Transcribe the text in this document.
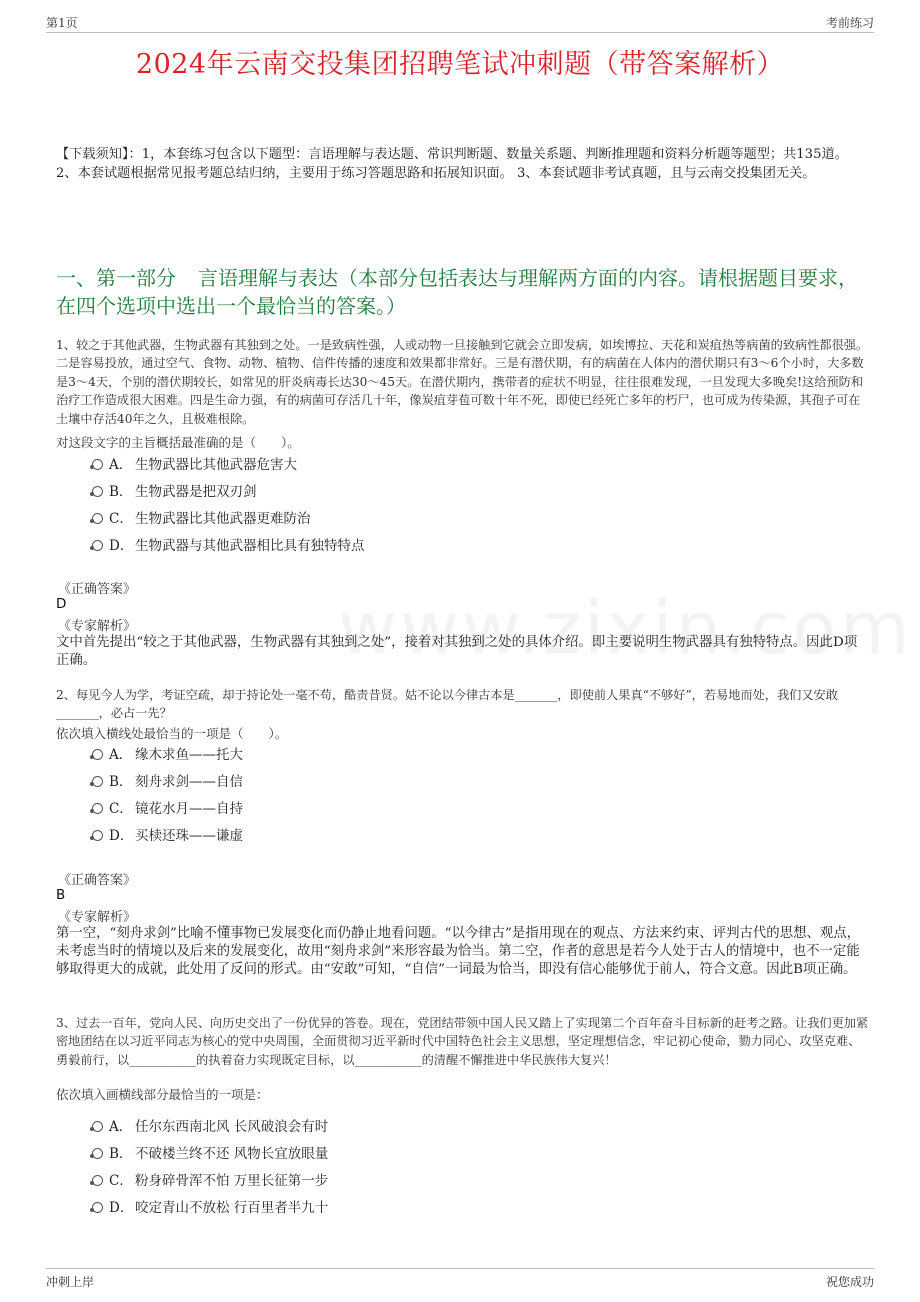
第1页	考前练习
2024年云南交投集团招聘笔试冲刺题（带答案解析）
【下载须知】：1，本套练习包含以下题型：言语理解与表达题、常识判断题、数量关系题、判断推理题和资料分析题等题型；共135道。 2、本套试题根据常见报考题总结归纳，主要用于练习答题思路和拓展知识面。 3、本套试题非考试真题，且与云南交投集团无关。
一、第一部分 言语理解与表达（本部分包括表达与理解两方面的内容。请根据题目要求，在四个选项中选出一个最恰当的答案。）
1、较之于其他武器，生物武器有其独到之处。一是致病性强，人或动物一旦接触到它就会立即发病，如埃博拉、天花和炭疽热等病菌的致病性都很强。二是容易投放，通过空气、食物、动物、植物、信件传播的速度和效果都非常好。三是有潜伏期，有的病菌在人体内的潜伏期只有3～6个小时，大多数是3～4天，个别的潜伏期较长，如常见的肝炎病毒长达30～45天。在潜伏期内，携带者的症状不明显，往往很难发现，一旦发现大多晚矣!这给预防和治疗工作造成很大困难。四是生命力强，有的病菌可存活几十年，像炭疽芽苞可数十年不死，即使已经死亡多年的朽尸，也可成为传染源，其孢子可在土壤中存活40年之久，且极难根除。
对这段文字的主旨概括最准确的是（　　）。
A． 生物武器比其他武器危害大
B． 生物武器是把双刃剑
C． 生物武器比其他武器更难防治
D． 生物武器与其他武器相比具有独特特点
《正确答案》
D
《专家解析》
文中首先提出“较之于其他武器，生物武器有其独到之处”，接着对其独到之处的具体介绍。即主要说明生物武器具有独特特点。因此D项正确。
2、每见今人为学，考证空疏，却于持论处一毫不苟，酷责昔贤。姑不论以今律古本是_______，即使前人果真“不够好”，若易地而处，我们又安敢_______，必占一先？
依次填入横线处最恰当的一项是（　　）。
A． 缘木求鱼——托大
B． 刻舟求剑——自信
C． 镜花水月——自持
D． 买椟还珠——谦虚
《正确答案》
B
《专家解析》
第一空，“刻舟求剑”比喻不懂事物已发展变化而仍静止地看问题。“以今律古”是指用现在的观点、方法来约束、评判古代的思想、观点，未考虑当时的情境以及后来的发展变化，故用“刻舟求剑”来形容最为恰当。第二空，作者的意思是若今人处于古人的情境中，也不一定能够取得更大的成就，此处用了反问的形式。由“安敢”可知，“自信”一词最为恰当，即没有信心能够优于前人，符合文意。因此B项正确。
3、过去一百年，党向人民、向历史交出了一份优异的答卷。现在，党团结带领中国人民又踏上了实现第二个百年奋斗目标新的赶考之路。让我们更加紧密地团结在以习近平同志为核心的党中央周围，全面贯彻习近平新时代中国特色社会主义思想，坚定理想信念，牢记初心使命，勠力同心、攻坚克难、勇毅前行，以___________的执着奋力实现既定目标，以___________的清醒不懈推进中华民族伟大复兴！
依次填入画横线部分最恰当的一项是：
A． 任尔东西南北风 长风破浪会有时
B． 不破楼兰终不还 风物长宜放眼量
C． 粉身碎骨浑不怕 万里长征第一步
D． 咬定青山不放松 行百里者半九十
冲刺上岸	祝您成功
